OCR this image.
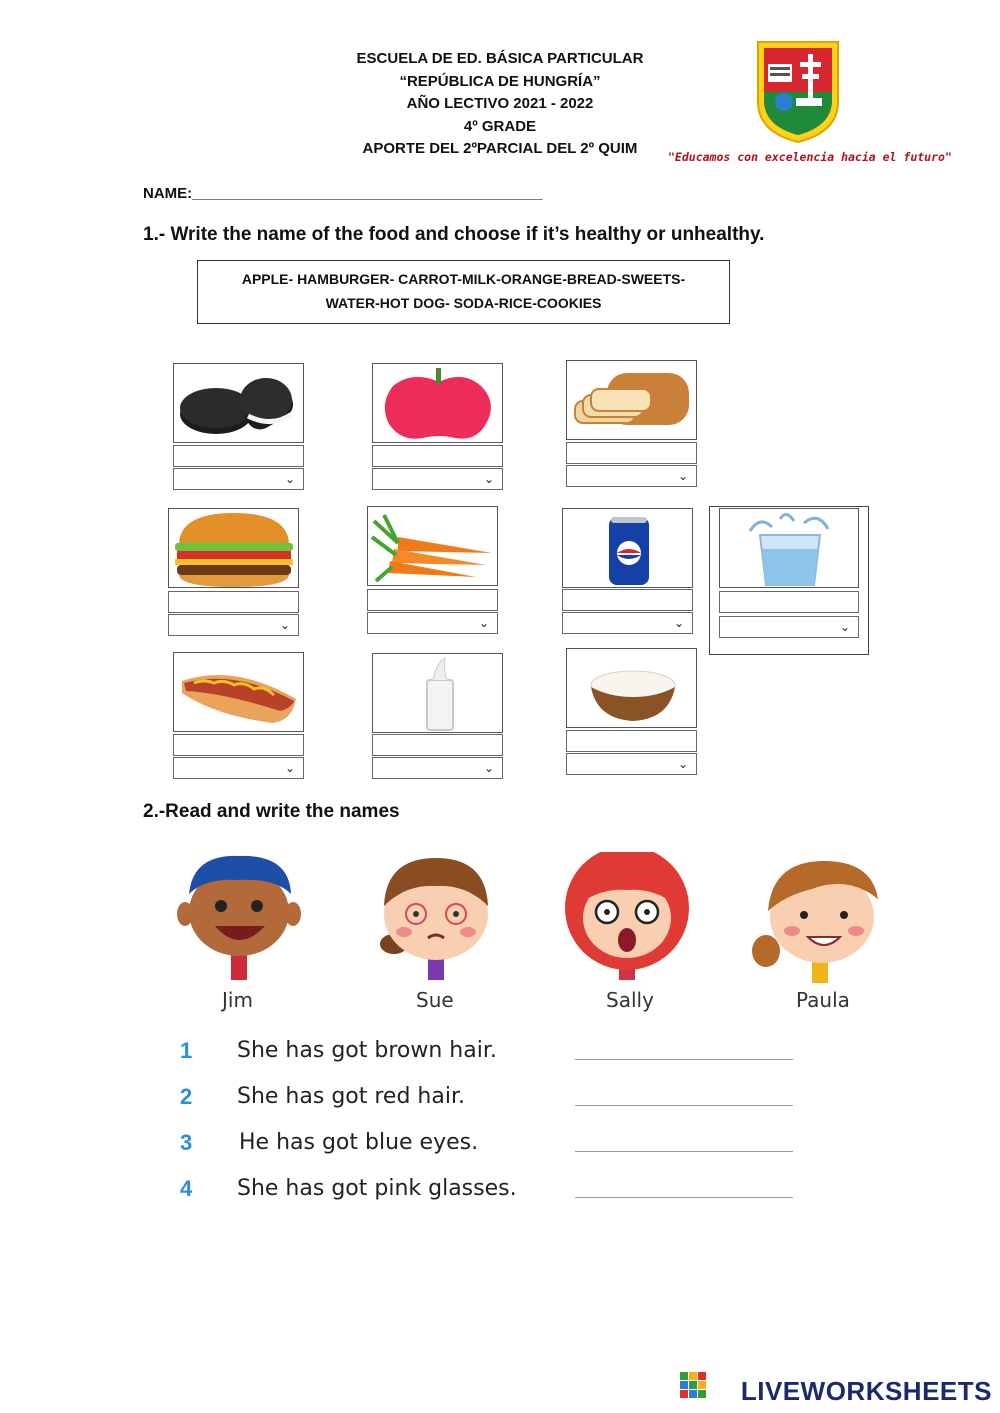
ESCUELA DE ED. BÁSICA PARTICULAR
“REPÚBLICA DE HUNGRÍA”
AÑO LECTIVO 2021 - 2022
4º GRADE
APORTE DEL 2ºPARCIAL DEL 2º QUIM	"Educamos con excelencia hacia el futuro"
NAME:__________________________________________
1.- Write the name of the food and choose if it’s healthy or unhealthy.
APPLE- HAMBURGER- CARROT-MILK-ORANGE-BREAD-SWEETS-
WATER-HOT DOG- SODA-RICE-COOKIES
⌄	⌄	⌄
⌄	⌄	⌄	⌄
⌄	⌄	⌄
2.-Read and write the names
Jim	Sue	Sally	Paula
1 She has got brown hair.
2 She has got red hair.
3 He has got blue eyes.
4 She has got pink glasses.
LIVEWORKSHEETS
